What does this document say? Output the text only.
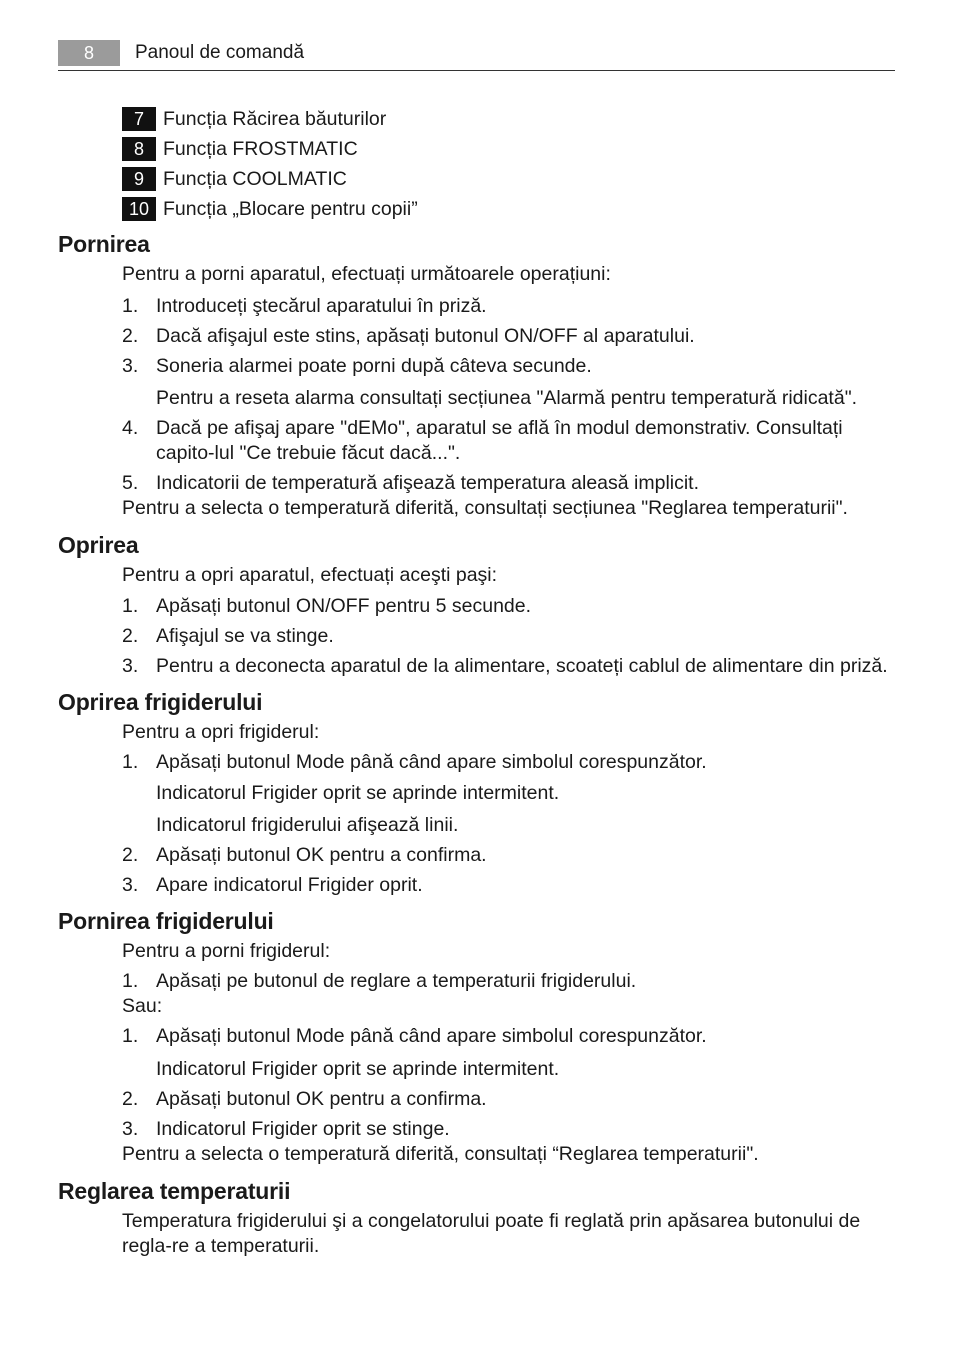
8	Panoul de comandă
7 Funcția Răcirea băuturilor
8 Funcția FROSTMATIC
9 Funcția COOLMATIC
10 Funcția „Blocare pentru copii”
Pornirea
Pentru a porni aparatul, efectuați următoarele operațiuni:
1. Introduceți ştecărul aparatului în priză.
2. Dacă afişajul este stins, apăsați butonul ON/OFF al aparatului.
3. Soneria alarmei poate porni după câteva secunde.
Pentru a reseta alarma consultați secțiunea "Alarmă pentru temperatură ridicată".
4. Dacă pe afişaj apare "dEMo", aparatul se află în modul demonstrativ. Consultați capito-lul "Ce trebuie făcut dacă...".
5. Indicatorii de temperatură afişează temperatura aleasă implicit.
Pentru a selecta o temperatură diferită, consultați secțiunea "Reglarea temperaturii".
Oprirea
Pentru a opri aparatul, efectuați aceşti paşi:
1. Apăsați butonul ON/OFF pentru 5 secunde.
2. Afişajul se va stinge.
3. Pentru a deconecta aparatul de la alimentare, scoateți cablul de alimentare din priză.
Oprirea frigiderului
Pentru a opri frigiderul:
1. Apăsați butonul Mode până când apare simbolul corespunzător.
Indicatorul Frigider oprit se aprinde intermitent.
Indicatorul frigiderului afişează linii.
2. Apăsați butonul OK pentru a confirma.
3. Apare indicatorul Frigider oprit.
Pornirea frigiderului
Pentru a porni frigiderul:
1. Apăsați pe butonul de reglare a temperaturii frigiderului.
Sau:
1. Apăsați butonul Mode până când apare simbolul corespunzător.
Indicatorul Frigider oprit se aprinde intermitent.
2. Apăsați butonul OK pentru a confirma.
3. Indicatorul Frigider oprit se stinge.
Pentru a selecta o temperatură diferită, consultați “Reglarea temperaturii".
Reglarea temperaturii
Temperatura frigiderului şi a congelatorului poate fi reglată prin apăsarea butonului de regla-re a temperaturii.
